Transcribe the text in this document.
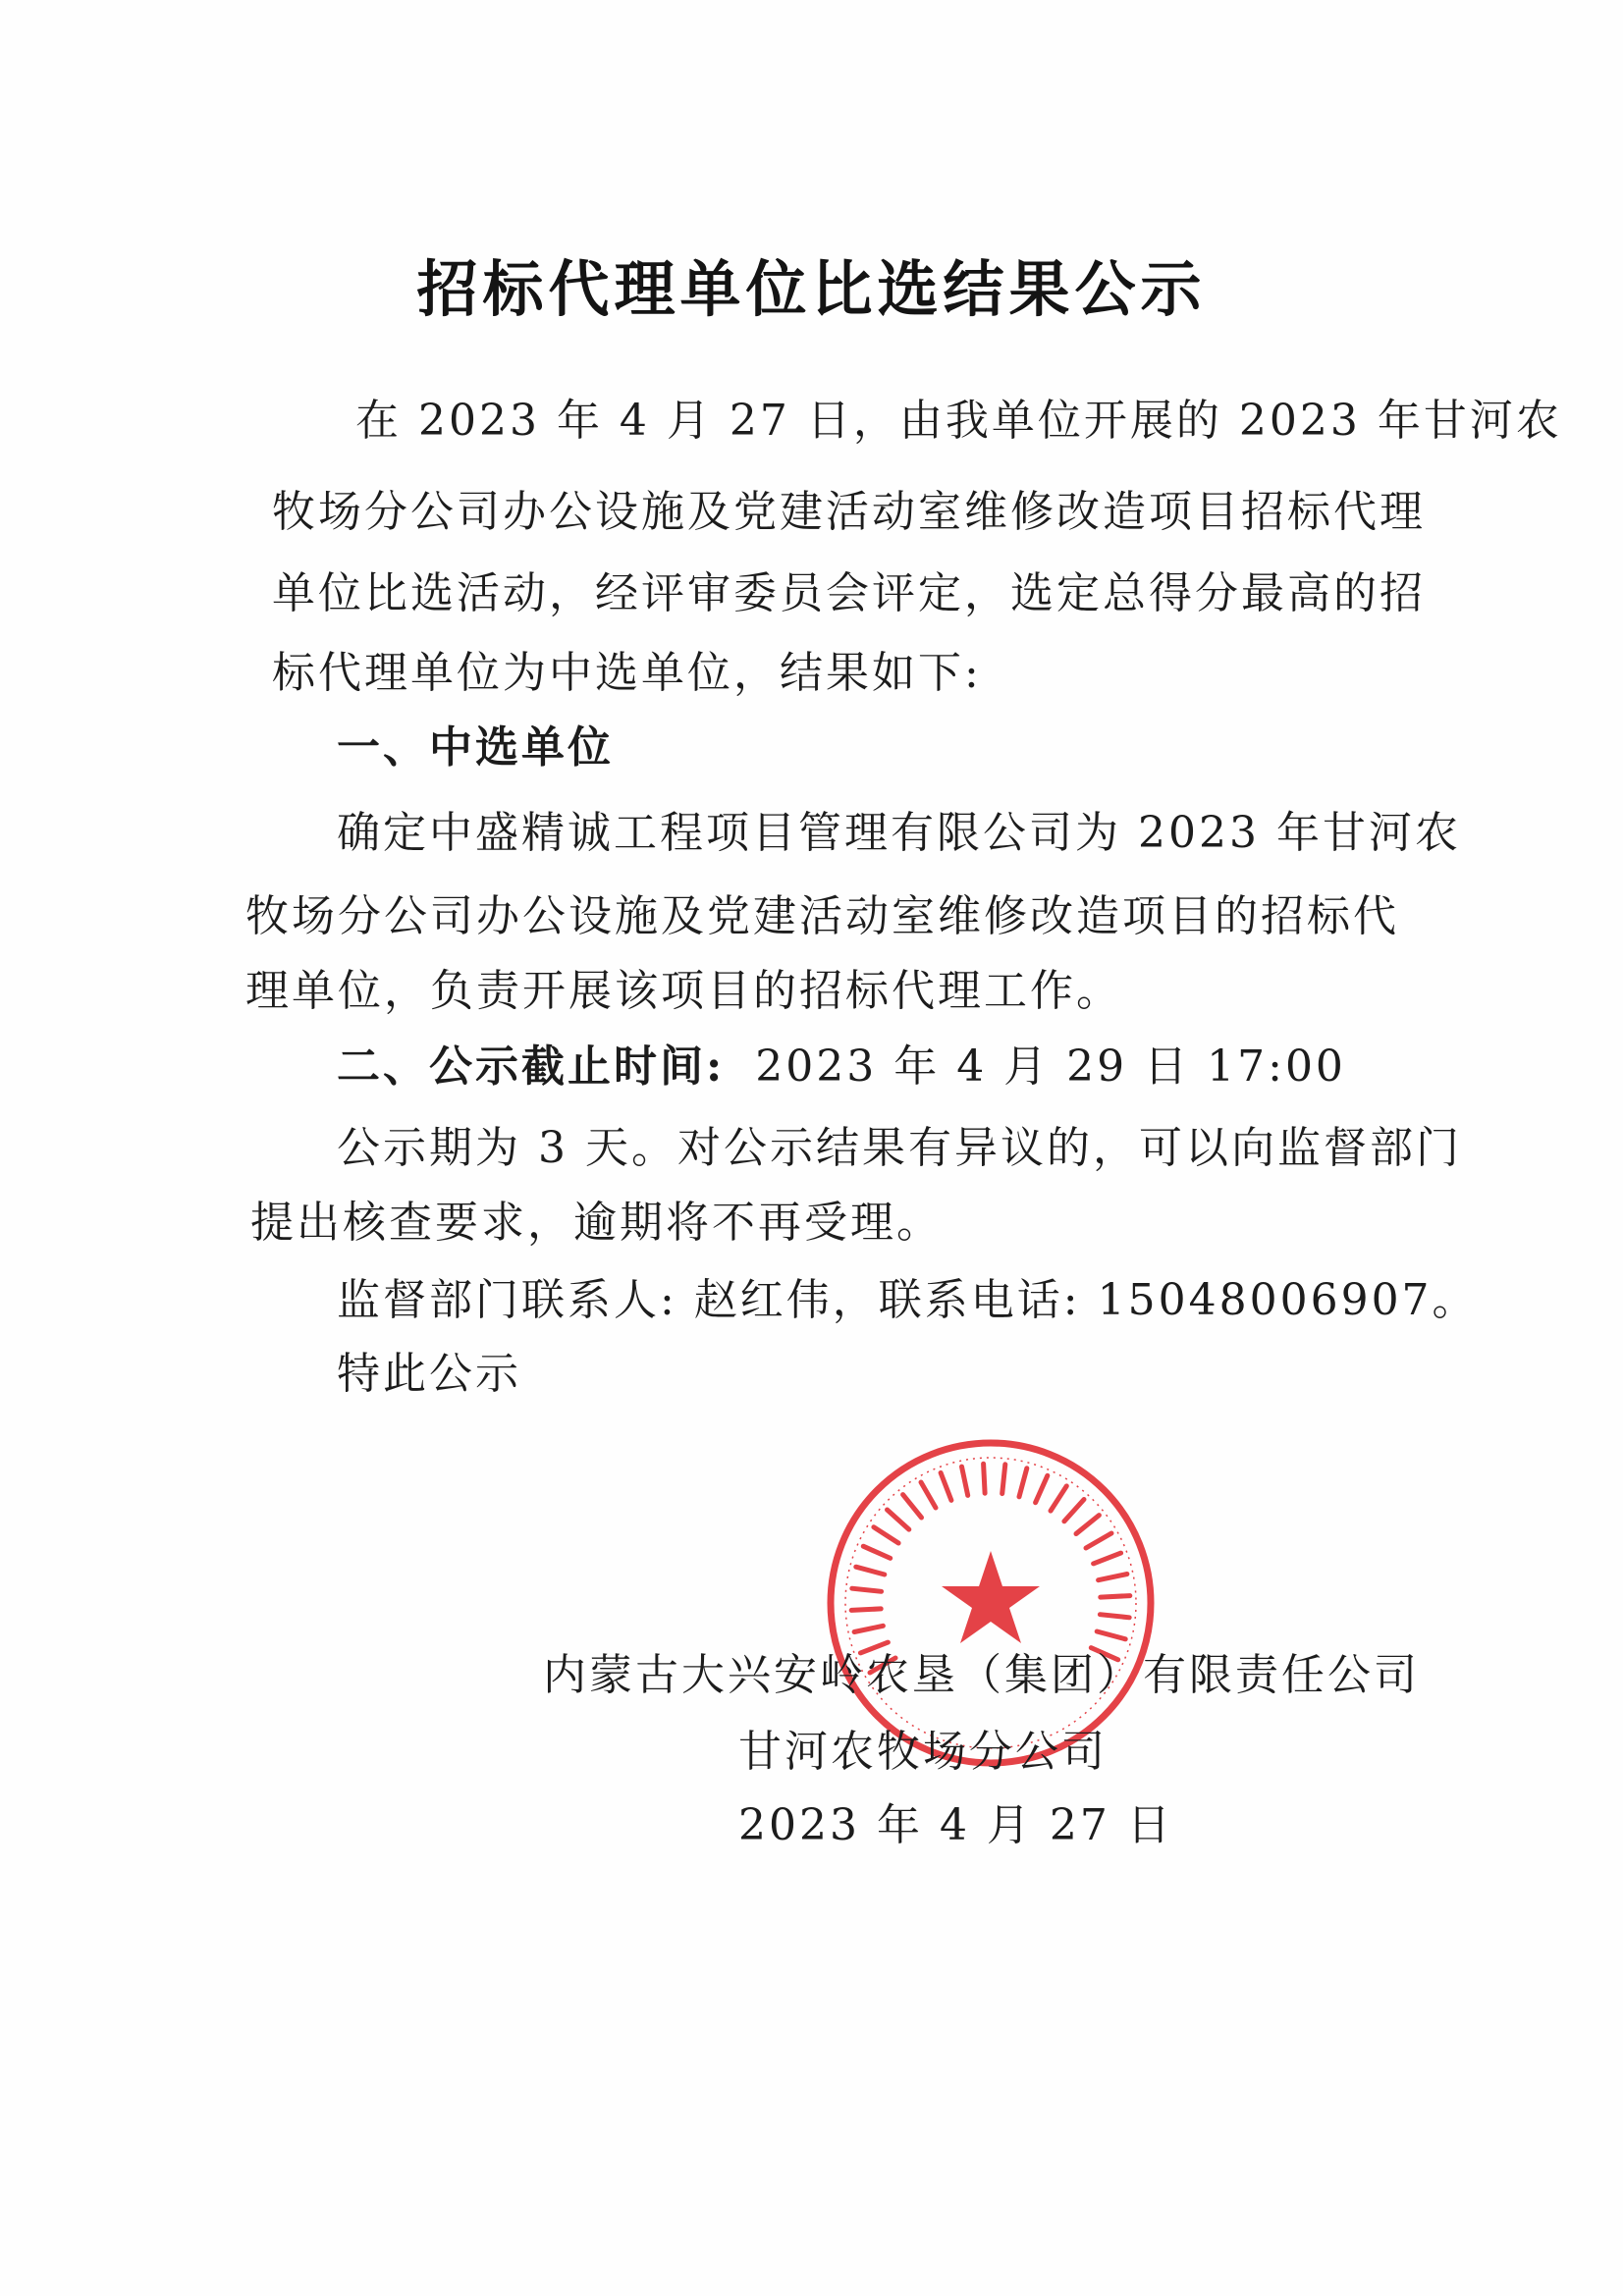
招标代理单位比选结果公示
在 2023 年 4 月 27 日，由我单位开展的 2023 年甘河农
牧场分公司办公设施及党建活动室维修改造项目招标代理
单位比选活动，经评审委员会评定，选定总得分最高的招
标代理单位为中选单位，结果如下:
一、中选单位
确定中盛精诚工程项目管理有限公司为 2023 年甘河农
牧场分公司办公设施及党建活动室维修改造项目的招标代
理单位，负责开展该项目的招标代理工作。
二、公示截止时间: 2023 年 4 月 29 日 17:00
公示期为 3 天。对公示结果有异议的，可以向监督部门
提出核查要求，逾期将不再受理。
监督部门联系人: 赵红伟，联系电话: 15048006907。
特此公示
内蒙古大兴安岭农垦（集团）有限责任公司
甘河农牧场分公司
2023 年 4 月 27 日
